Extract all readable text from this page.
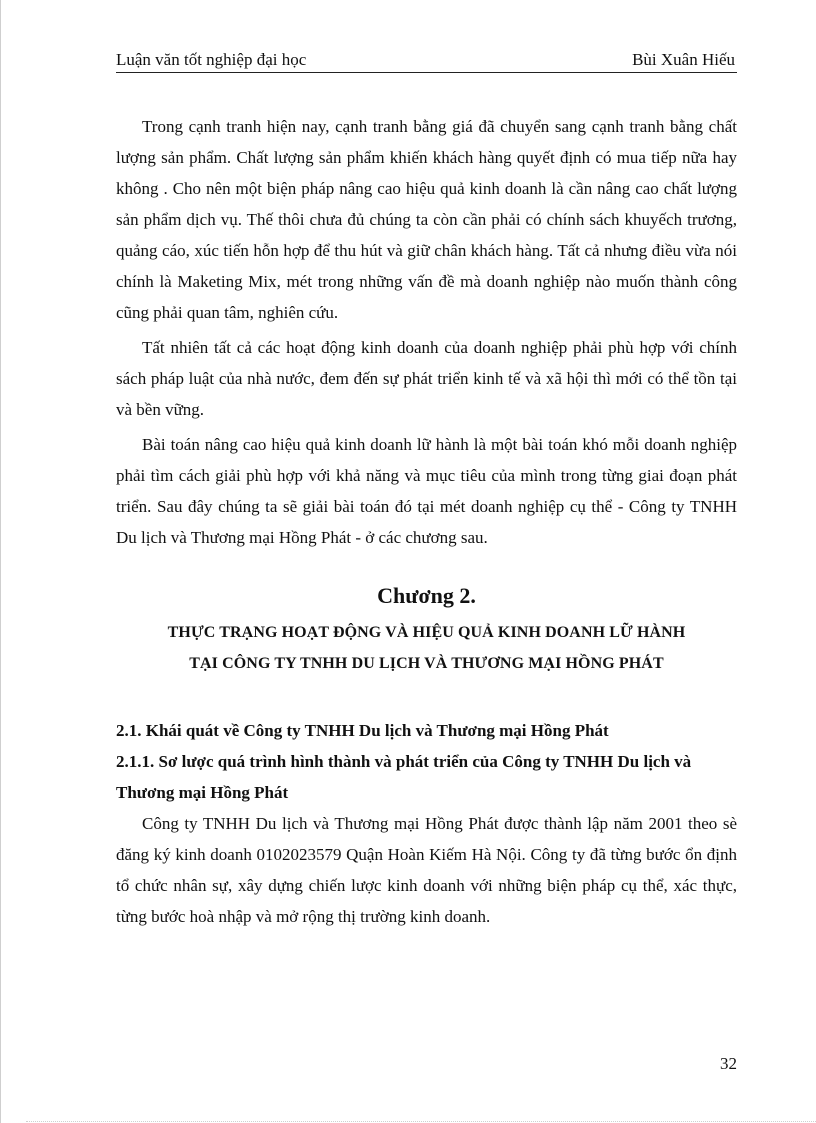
Luận văn tốt nghiệp đại học	Bùi Xuân Hiếu

Trong cạnh tranh hiện nay, cạnh tranh bằng giá đã chuyển sang cạnh tranh bằng chất lượng sản phẩm. Chất lượng sản phẩm khiến khách hàng quyết định có mua tiếp nữa hay không . Cho nên một biện pháp nâng cao hiệu quả kinh doanh là cần nâng cao chất lượng sản phẩm dịch vụ. Thế thôi chưa đủ chúng ta còn cần phải có chính sách khuyếch trương, quảng cáo, xúc tiến hỗn hợp để thu hút và giữ chân khách hàng. Tất cả nhưng điều vừa nói chính là Maketing Mix, mét trong những vấn đề mà doanh nghiệp nào muốn thành công cũng phải quan tâm, nghiên cứu.

Tất nhiên tất cả các hoạt động kinh doanh của doanh nghiệp phải phù hợp với chính sách pháp luật của nhà nước, đem đến sự phát triển kinh tế và xã hội thì mới có thể tồn tại và bền vững.

Bài toán nâng cao hiệu quả kinh doanh lữ hành là một bài toán khó mỗi doanh nghiệp phải tìm cách giải phù hợp với khả năng và mục tiêu của mình trong từng giai đoạn phát triển. Sau đây chúng ta sẽ giải bài toán đó tại mét doanh nghiệp cụ thể - Công ty TNHH Du lịch và Thương mại Hồng Phát - ở các chương sau.

Chương 2.
THỰC TRẠNG HOẠT ĐỘNG VÀ HIỆU QUẢ KINH DOANH LỮ HÀNH
TẠI CÔNG TY TNHH DU LỊCH VÀ THƯƠNG MẠI HỒNG PHÁT

2.1. Khái quát về Công ty TNHH Du lịch và Thương mại Hồng Phát

2.1.1. Sơ lược quá trình hình thành và phát triển của Công ty TNHH Du lịch và Thương mại Hồng Phát

Công ty TNHH Du lịch và Thương mại Hồng Phát được thành lập năm 2001 theo sè đăng ký kinh doanh 0102023579 Quận Hoàn Kiếm Hà Nội. Công ty đã từng bước ổn định tổ chức nhân sự, xây dựng chiến lược kinh doanh với những biện pháp cụ thể, xác thực, từng bước hoà nhập và mở rộng thị trường kinh doanh.

32
